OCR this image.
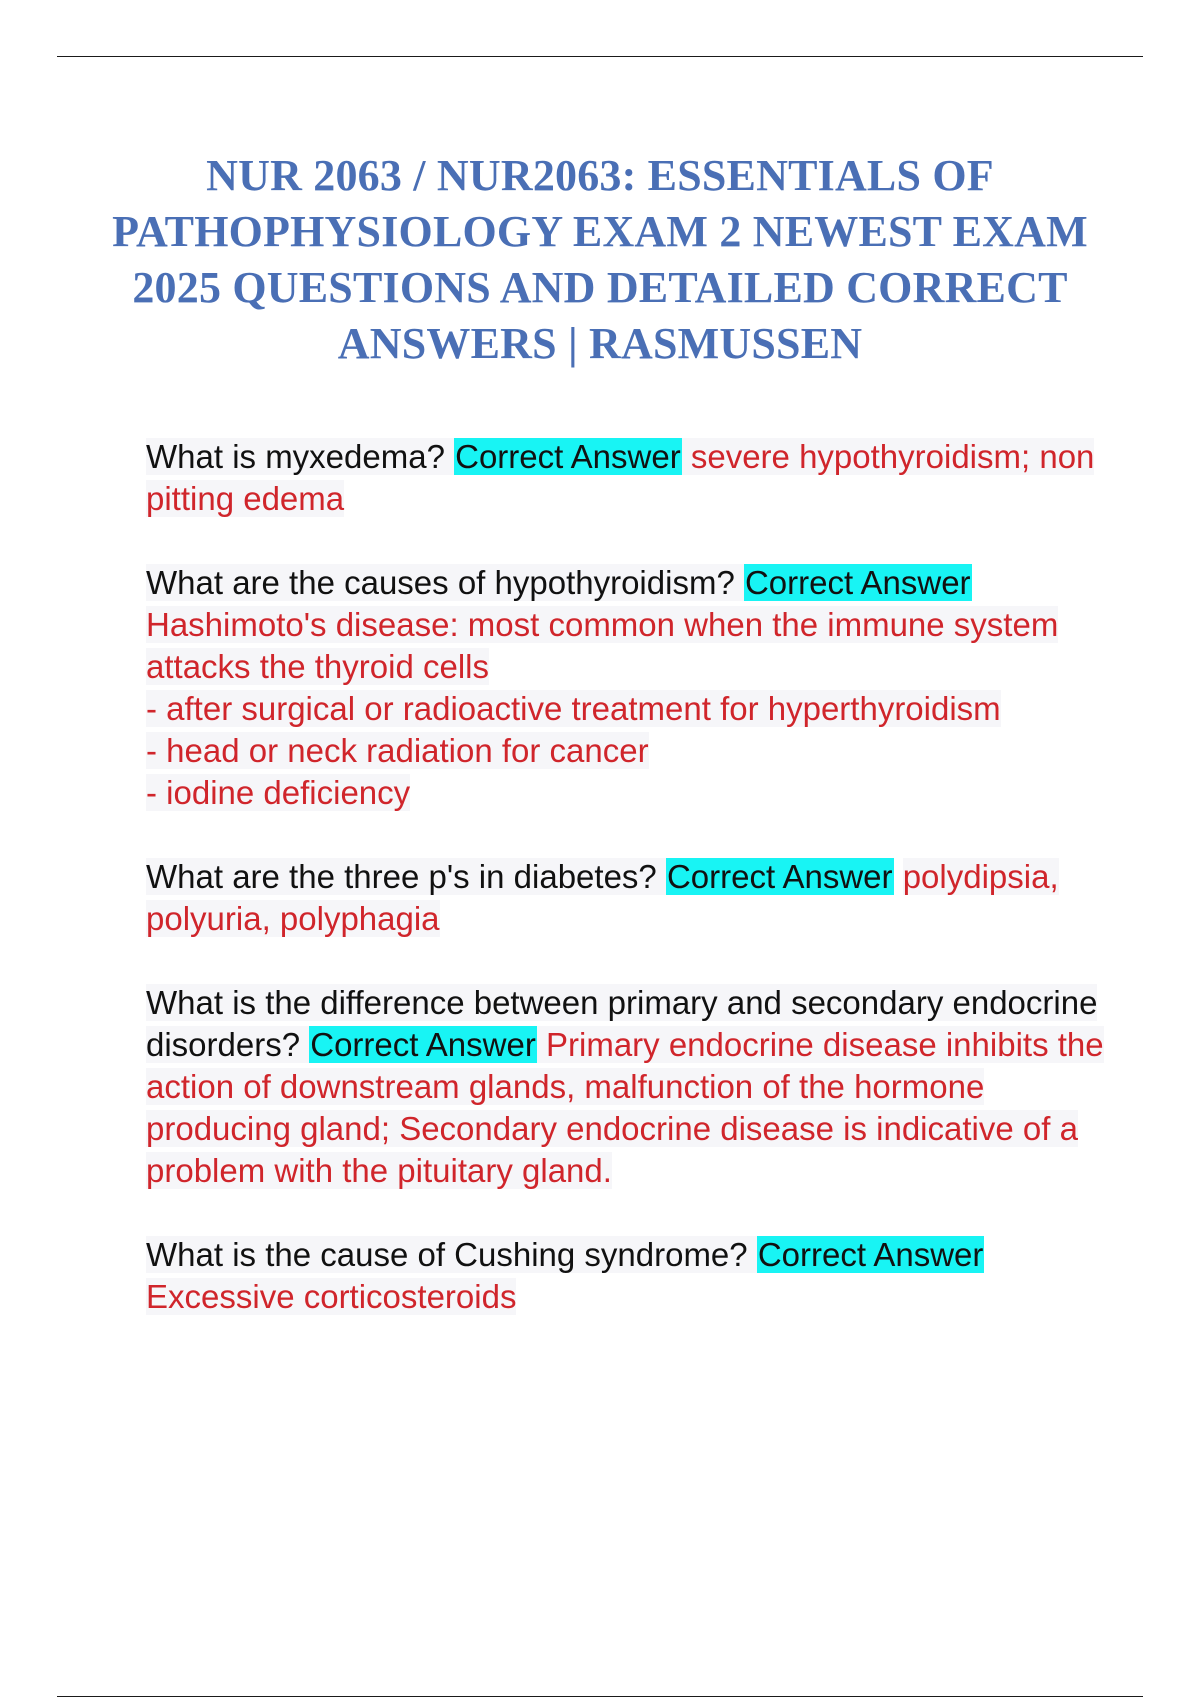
NUR 2063 / NUR2063: ESSENTIALS OF PATHOPHYSIOLOGY EXAM 2 NEWEST EXAM 2025 QUESTIONS AND DETAILED CORRECT ANSWERS | RASMUSSEN

What is myxedema? Correct Answer severe hypothyroidism; non pitting edema

What are the causes of hypothyroidism? Correct Answer Hashimoto's disease: most common when the immune system attacks the thyroid cells
- after surgical or radioactive treatment for hyperthyroidism
- head or neck radiation for cancer
- iodine deficiency

What are the three p's in diabetes? Correct Answer polydipsia, polyuria, polyphagia

What is the difference between primary and secondary endocrine disorders? Correct Answer Primary endocrine disease inhibits the action of downstream glands, malfunction of the hormone producing gland; Secondary endocrine disease is indicative of a problem with the pituitary gland.

What is the cause of Cushing syndrome? Correct Answer Excessive corticosteroids
